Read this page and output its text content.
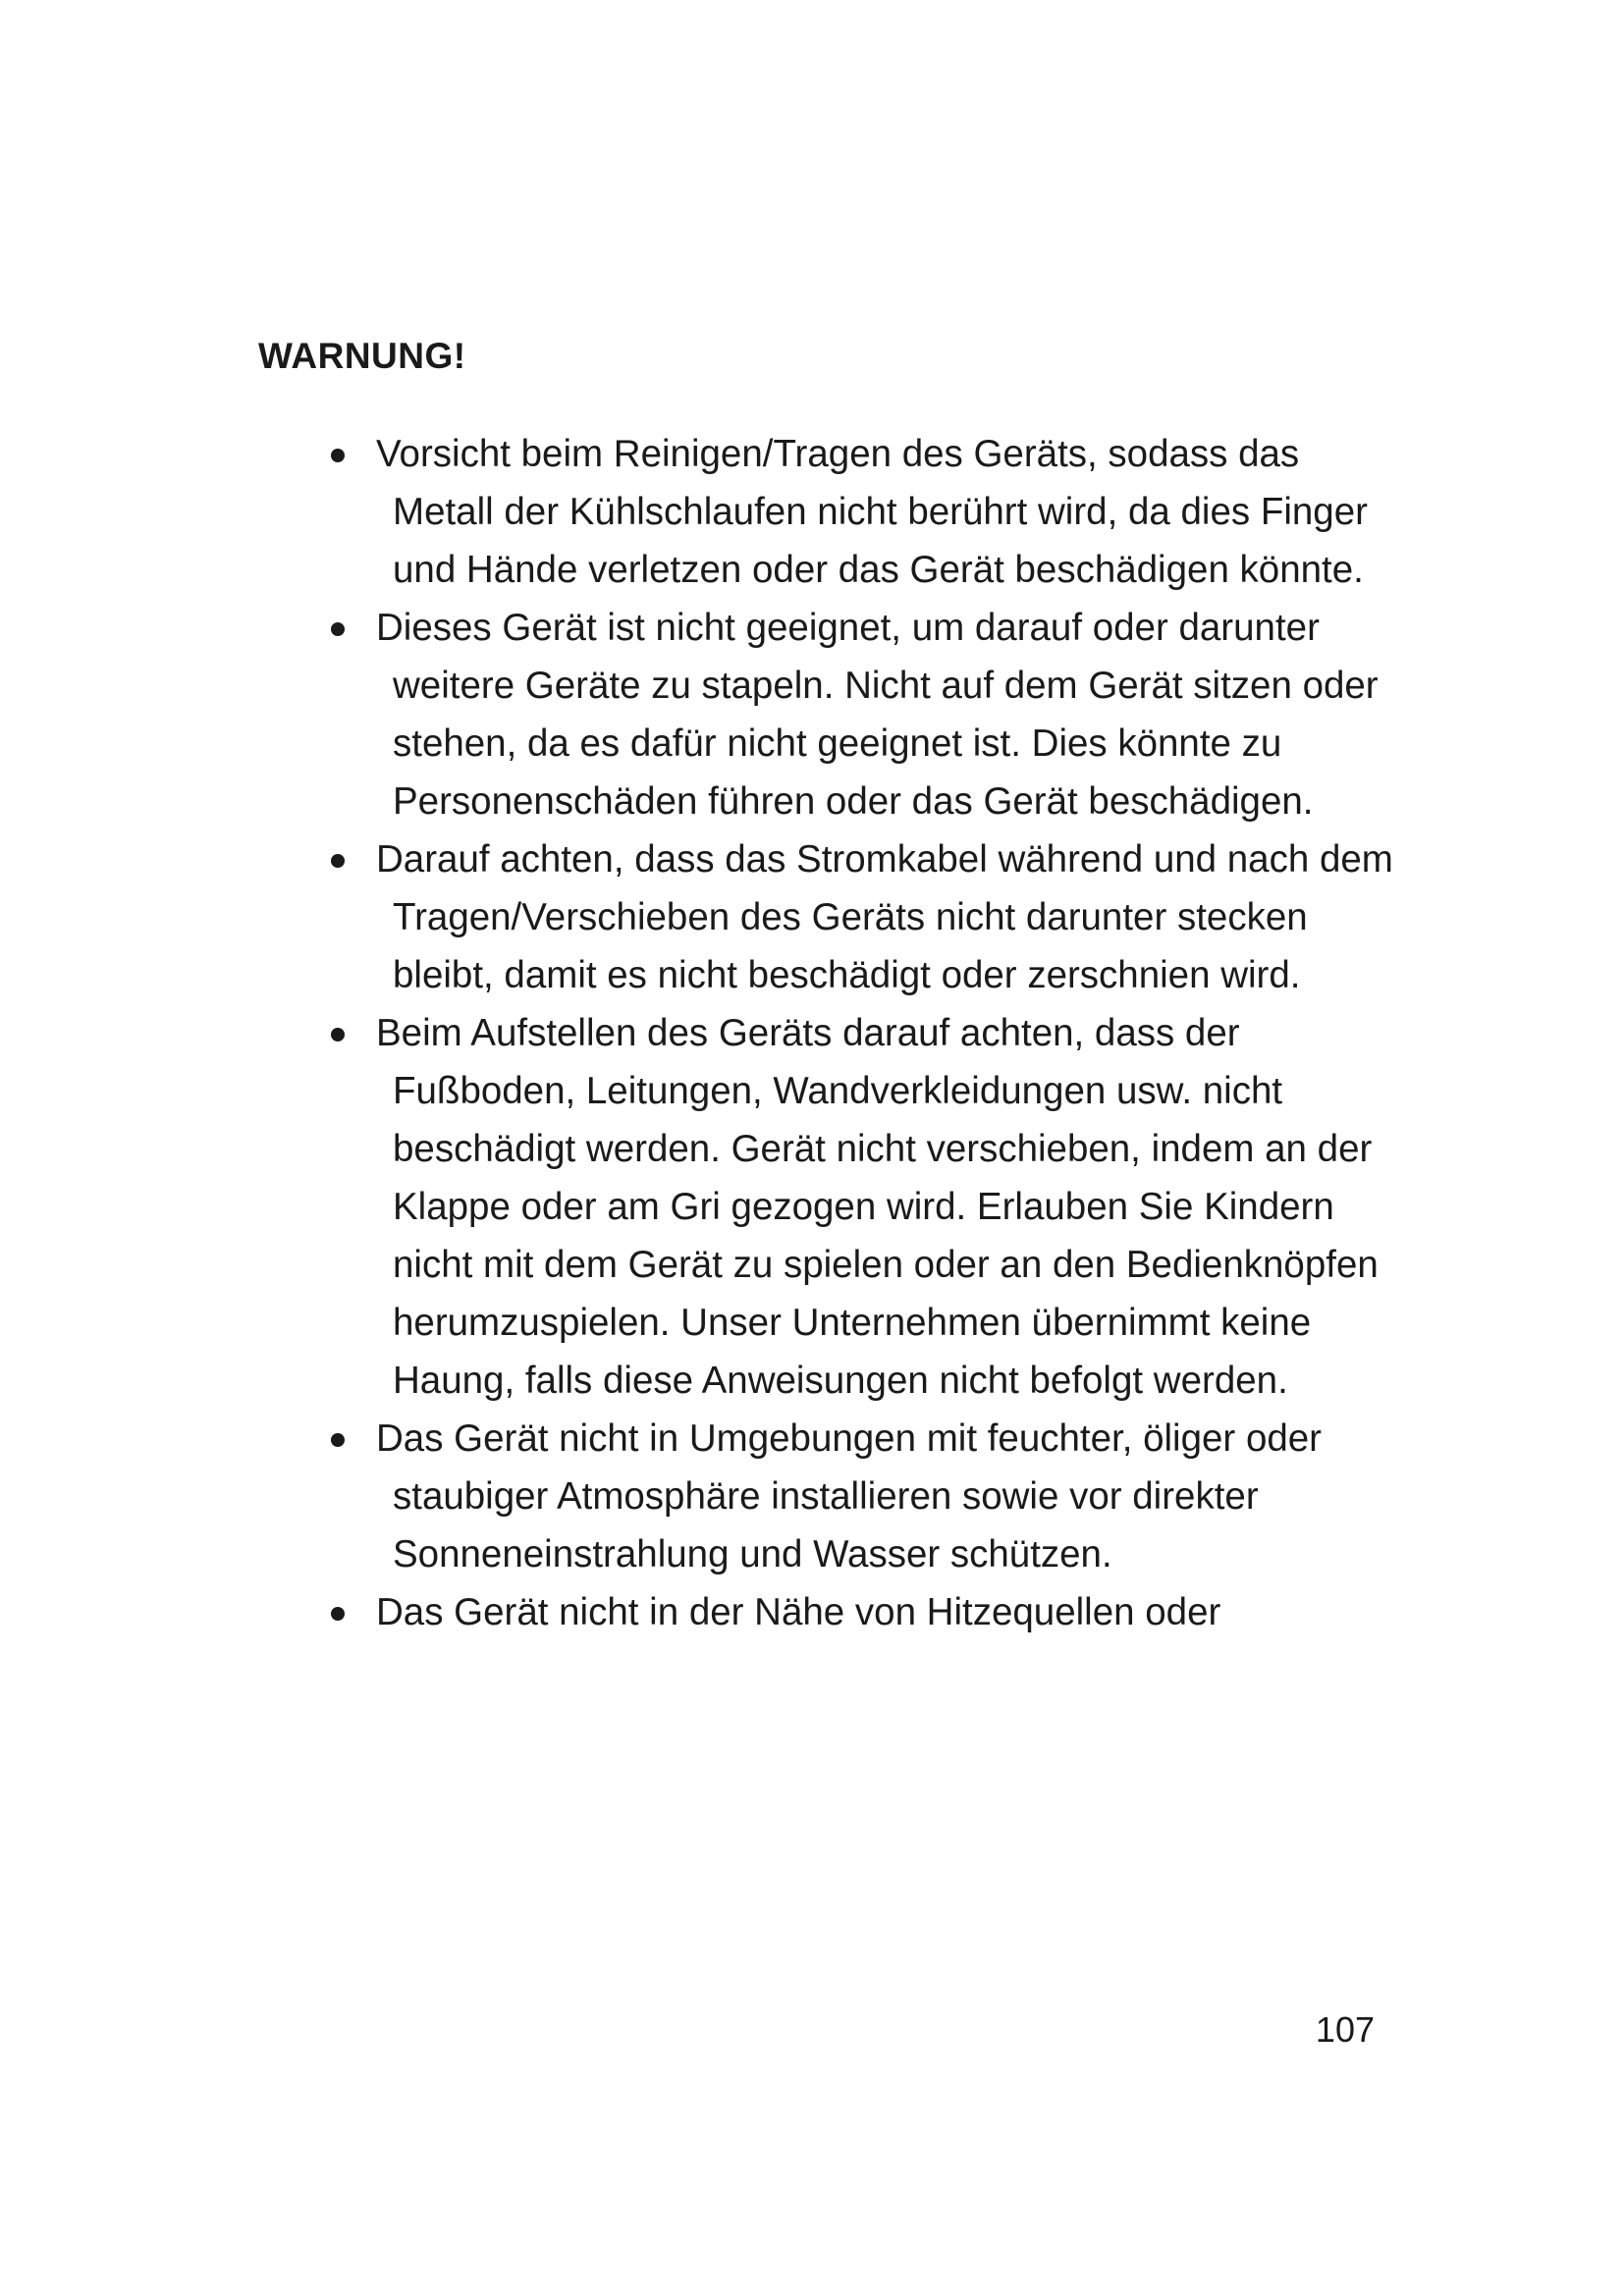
WARNUNG!
Vorsicht beim Reinigen/Tragen des Geräts, sodass das Metall der Kühlschlaufen nicht berührt wird, da dies Finger und Hände verletzen oder das Gerät beschädigen könnte.
Dieses Gerät ist nicht geeignet, um darauf oder darunter weitere Geräte zu stapeln. Nicht auf dem Gerät sitzen oder stehen, da es dafür nicht geeignet ist. Dies könnte zu Personenschäden führen oder das Gerät beschädigen.
Darauf achten, dass das Stromkabel während und nach dem Tragen/Verschieben des Geräts nicht darunter stecken bleibt, damit es nicht beschädigt oder zerschnien wird.
Beim Aufstellen des Geräts darauf achten, dass der Fußboden, Leitungen, Wandverkleidungen usw. nicht beschädigt werden. Gerät nicht verschieben, indem an der Klappe oder am Gri gezogen wird. Erlauben Sie Kindern nicht mit dem Gerät zu spielen oder an den Bedienknöpfen herumzuspielen. Unser Unternehmen übernimmt keine Haung, falls diese Anweisungen nicht befolgt werden.
Das Gerät nicht in Umgebungen mit feuchter, öliger oder staubiger Atmosphäre installieren sowie vor direkter Sonneneinstrahlung und Wasser schützen.
Das Gerät nicht in der Nähe von Hitzequellen oder

107
